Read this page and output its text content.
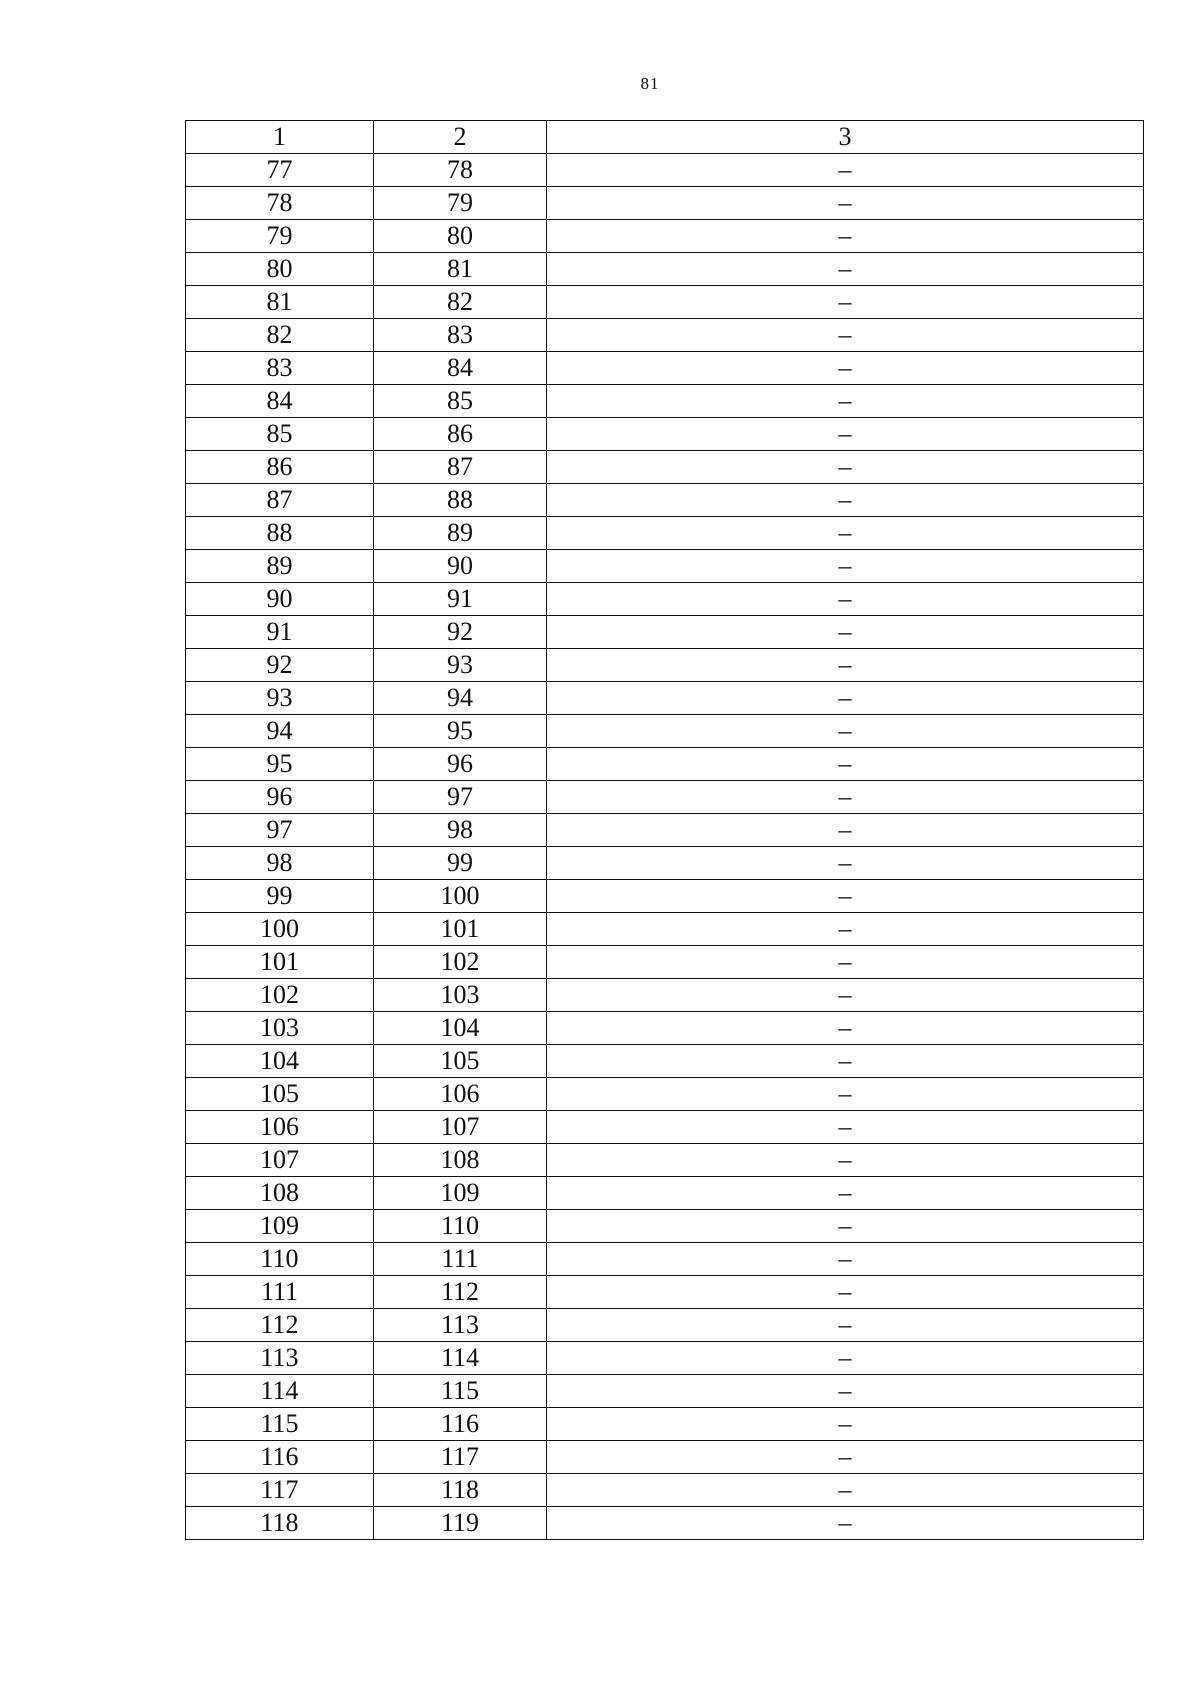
81
1	2	3
77	78	–
78	79	–
79	80	–
80	81	–
81	82	–
82	83	–
83	84	–
84	85	–
85	86	–
86	87	–
87	88	–
88	89	–
89	90	–
90	91	–
91	92	–
92	93	–
93	94	–
94	95	–
95	96	–
96	97	–
97	98	–
98	99	–
99	100	–
100	101	–
101	102	–
102	103	–
103	104	–
104	105	–
105	106	–
106	107	–
107	108	–
108	109	–
109	110	–
110	111	–
111	112	–
112	113	–
113	114	–
114	115	–
115	116	–
116	117	–
117	118	–
118	119	–
